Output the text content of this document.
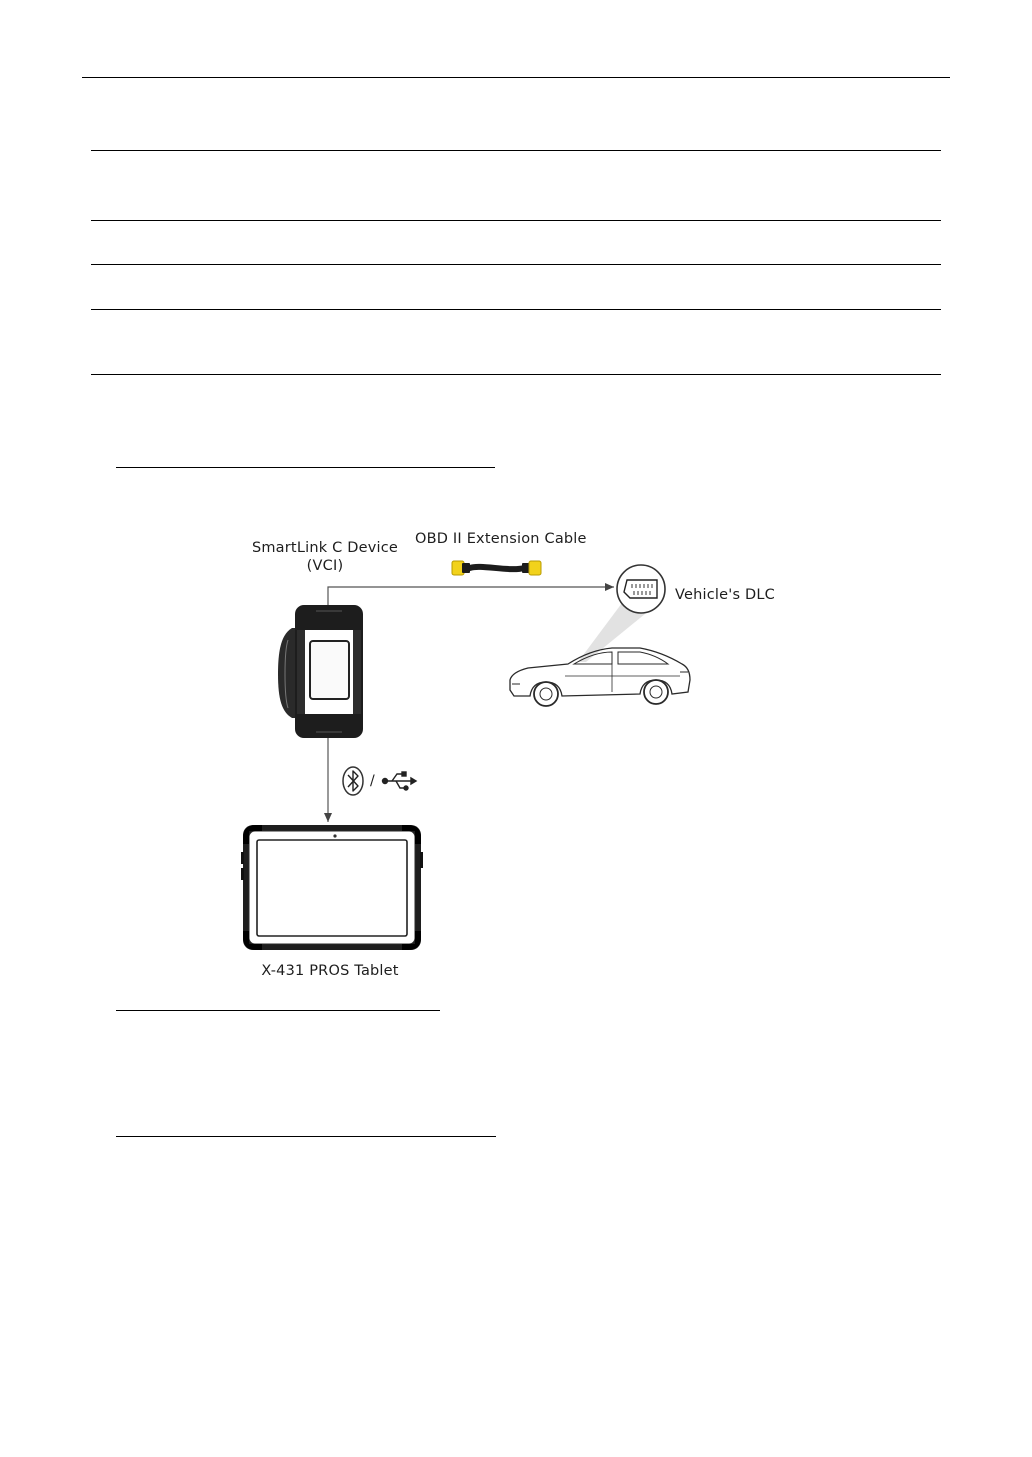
SmartLink C Device
(VCI)
OBD II Extension Cable
Vehicle's DLC
/
X-431 PROS Tablet
